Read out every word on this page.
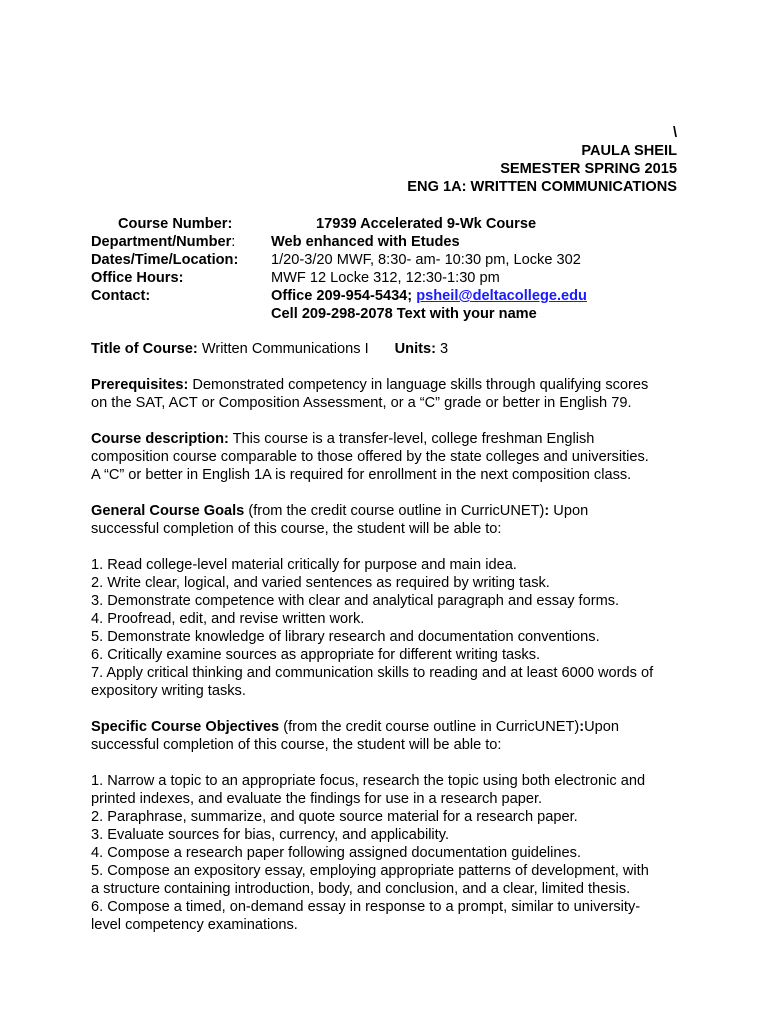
\
PAULA SHEIL
SEMESTER SPRING 2015
ENG 1A: WRITTEN COMMUNICATIONS
Course Number:	17939 Accelerated 9-Wk Course
Department/Number:	Web enhanced with Etudes
Dates/Time/Location:	1/20-3/20 MWF, 8:30- am- 10:30 pm, Locke 302
Office Hours:	MWF 12 Locke 312, 12:30-1:30 pm
Contact:	Office 209-954-5434; psheil@deltacollege.edu
Cell 209-298-2078 Text with your name

Title of Course: Written Communications I Units: 3

Prerequisites: Demonstrated competency in language skills through qualifying scores
on the SAT, ACT or Composition Assessment, or a “C” grade or better in English 79.
Course description: This course is a transfer-level, college freshman English
composition course comparable to those offered by the state colleges and universities.
A “C” or better in English 1A is required for enrollment in the next composition class.
General Course Goals (from the credit course outline in CurricUNET): Upon
successful completion of this course, the student will be able to:
1. Read college-level material critically for purpose and main idea.
2. Write clear, logical, and varied sentences as required by writing task.
3. Demonstrate competence with clear and analytical paragraph and essay forms.
4. Proofread, edit, and revise written work.
5. Demonstrate knowledge of library research and documentation conventions.
6. Critically examine sources as appropriate for different writing tasks.
7. Apply critical thinking and communication skills to reading and at least 6000 words of
expository writing tasks.
Specific Course Objectives (from the credit course outline in CurricUNET):Upon
successful completion of this course, the student will be able to:
1. Narrow a topic to an appropriate focus, research the topic using both electronic and
printed indexes, and evaluate the findings for use in a research paper.
2. Paraphrase, summarize, and quote source material for a research paper.
3. Evaluate sources for bias, currency, and applicability.
4. Compose a research paper following assigned documentation guidelines.
5. Compose an expository essay, employing appropriate patterns of development, with
a structure containing introduction, body, and conclusion, and a clear, limited thesis.
6. Compose a timed, on-demand essay in response to a prompt, similar to university-
level competency examinations.
